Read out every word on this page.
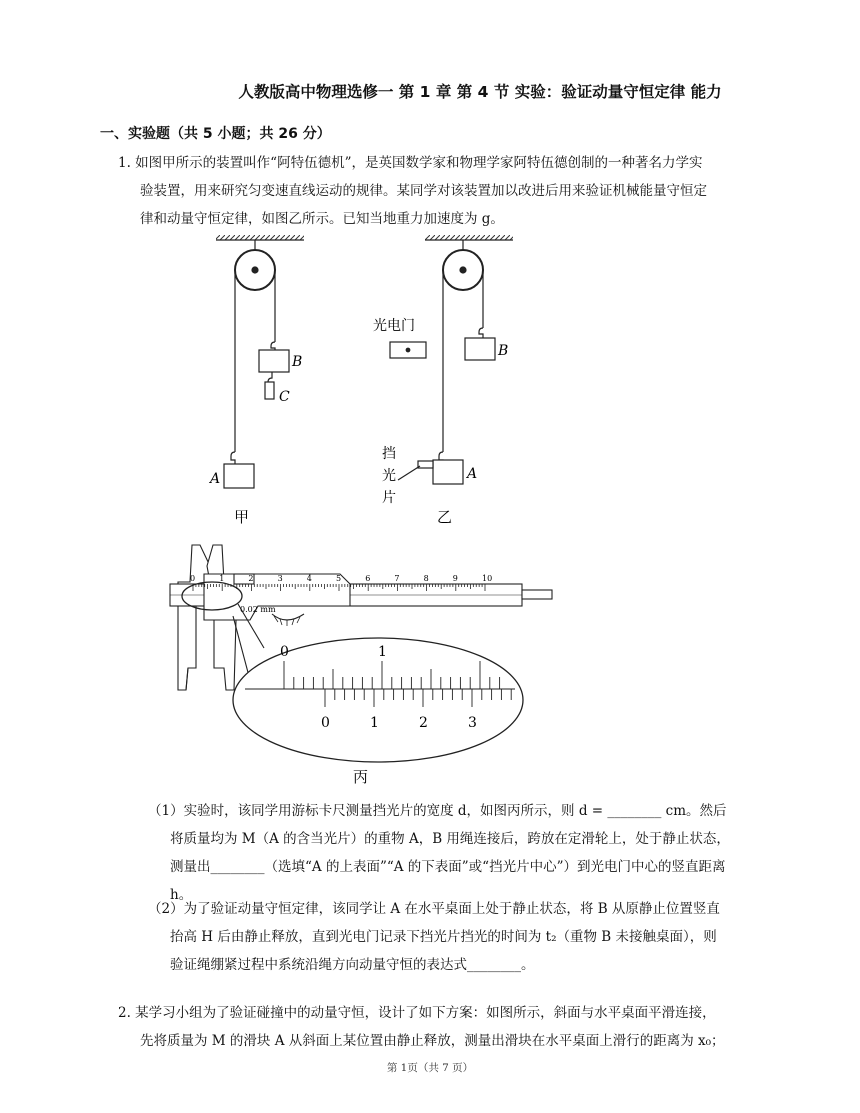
人教版高中物理选修一 第 1 章 第 4 节 实验：验证动量守恒定律 能力
一、实验题（共 5 小题；共 26 分）
1. 如图甲所示的装置叫作“阿特伍德机”，是英国数学家和物理学家阿特伍德创制的一种著名力学实

验装置，用来研究匀变速直线运动的规律。某同学对该装置加以改进后用来验证机械能量守恒定
律和动量守恒定律，如图乙所示。已知当地重力加速度为 g。
B
C
A
甲
B
光电门
A
挡
光
片
乙
0	1	2	3	4	5	6	7	8	9	10
0.02 mm
0	1
0	1	2	3
丙
（1）实验时，该同学用游标卡尺测量挡光片的宽度 d，如图丙所示，则 d = ________ cm。然后

将质量均为 M（A 的含当光片）的重物 A，B 用绳连接后，跨放在定滑轮上，处于静止状态，
测量出________（选填“A 的上表面”“A 的下表面”或“挡光片中心”）到光电门中心的竖直距离
h。
（2）为了验证动量守恒定律，该同学让 A 在水平桌面上处于静止状态，将 B 从原静止位置竖直

抬高 H 后由静止释放，直到光电门记录下挡光片挡光的时间为 t₂（重物 B 未接触桌面），则
验证绳绷紧过程中系统沿绳方向动量守恒的表达式________。
2. 某学习小组为了验证碰撞中的动量守恒，设计了如下方案：如图所示，斜面与水平桌面平滑连接，

先将质量为 M 的滑块 A 从斜面上某位置由静止释放，测量出滑块在水平桌面上滑行的距离为 x₀；
第 1页（共 7 页）
